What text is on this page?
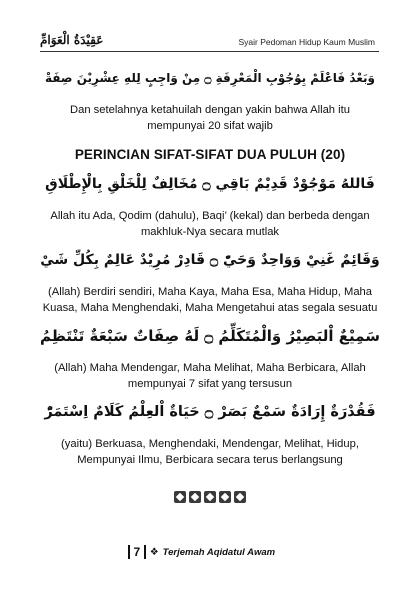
عَقِيْدَةُ الْعَوَامِّ	Syair Pedoman Hidup Kaum Muslim
وَبَعْدُ فَاعْلَمْ بِوُجُوْبِ الْمَعْرِفَةِ ۝ مِنْ وَاجِبٍ لِلهِ عِشْرِيْنَ صِفَةْ
Dan setelahnya ketahuilah dengan yakin bahwa Allah itu
mempunyai 20 sifat wajib
PERINCIAN SIFAT-SIFAT DUA PULUH (20)
فَاللهُ مَوْجُوْدٌ قَدِيْمٌ بَاقِي ۝ مُخَالِفٌ لِلْخَلْقِ بِالْإِطْلَاقِ
Allah itu Ada, Qodim (dahulu), Baqi’ (kekal) dan berbeda dengan
makhluk-Nya secara mutlak
وَقَائِمٌ غَنِيْ وَوَاحِدٌ وَحَيّْ ۝ قَادِرْ مُرِيْدٌ عَالِمٌ بِكُلِّ شَيْ
(Allah) Berdiri sendiri, Maha Kaya, Maha Esa, Maha Hidup, Maha
Kuasa, Maha Menghendaki, Maha Mengetahui atas segala sesuatu
سَمِيْعٌ اْلبَصِيْرُ وَالْمُتَكَلِّمُ ۝ لَهُ صِفَاتٌ سَبْعَةٌ تَنْتَظِمُ
(Allah) Maha Mendengar, Maha Melihat, Maha Berbicara, Allah
mempunyai 7 sifat yang tersusun
فَقُدْرَةٌ إِرَادَةٌ سَمْعٌ بَصَرْ ۝ حَيَاةٌ اْلعِلْمُ كَلَامٌ اِسْتَمَرّْ
(yaitu) Berkuasa, Menghendaki, Mendengar, Melihat, Hidup,
Mempunyai Ilmu, Berbicara secara terus berlangsung
7 ❖ Terjemah Aqidatul Awam
